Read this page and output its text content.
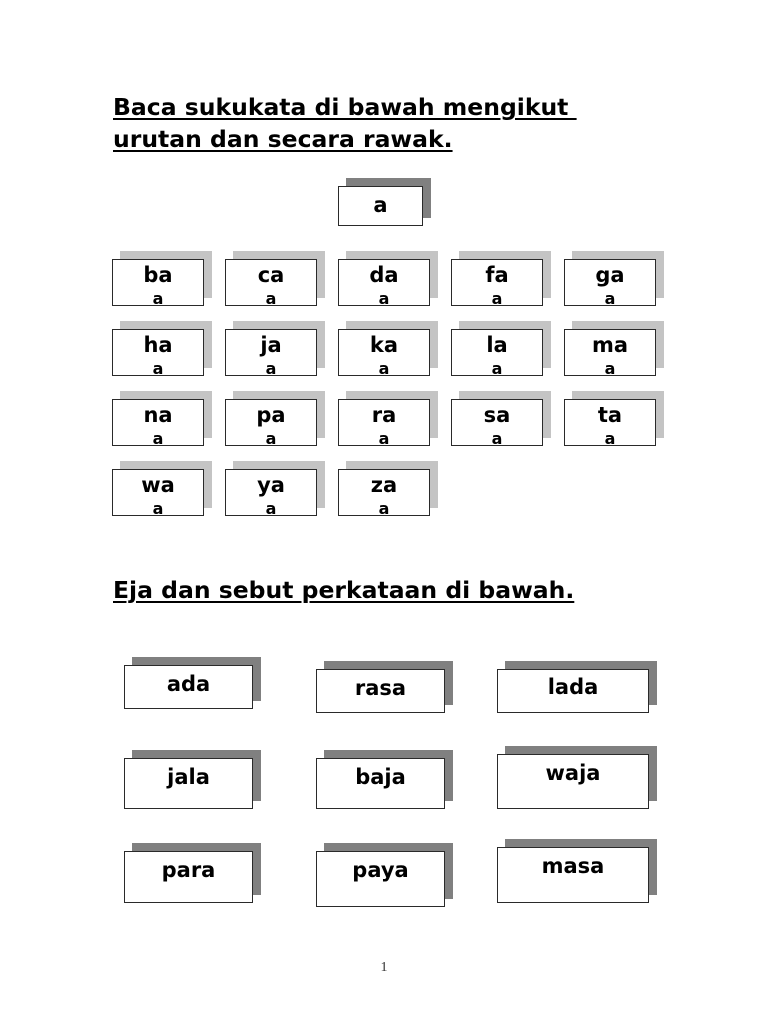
Baca sukukata di bawah mengikut
urutan dan secara rawak.
a
ba
a
ca
a
da
a
fa
a
ga
a
ha
a
ja
a
ka
a
la
a
ma
a
na
a
pa
a
ra
a
sa
a
ta
a
wa
a
ya
a
za
a
Eja dan sebut perkataan di bawah.
ada	rasa	lada
jala	baja	waja
para	paya	masa
1
